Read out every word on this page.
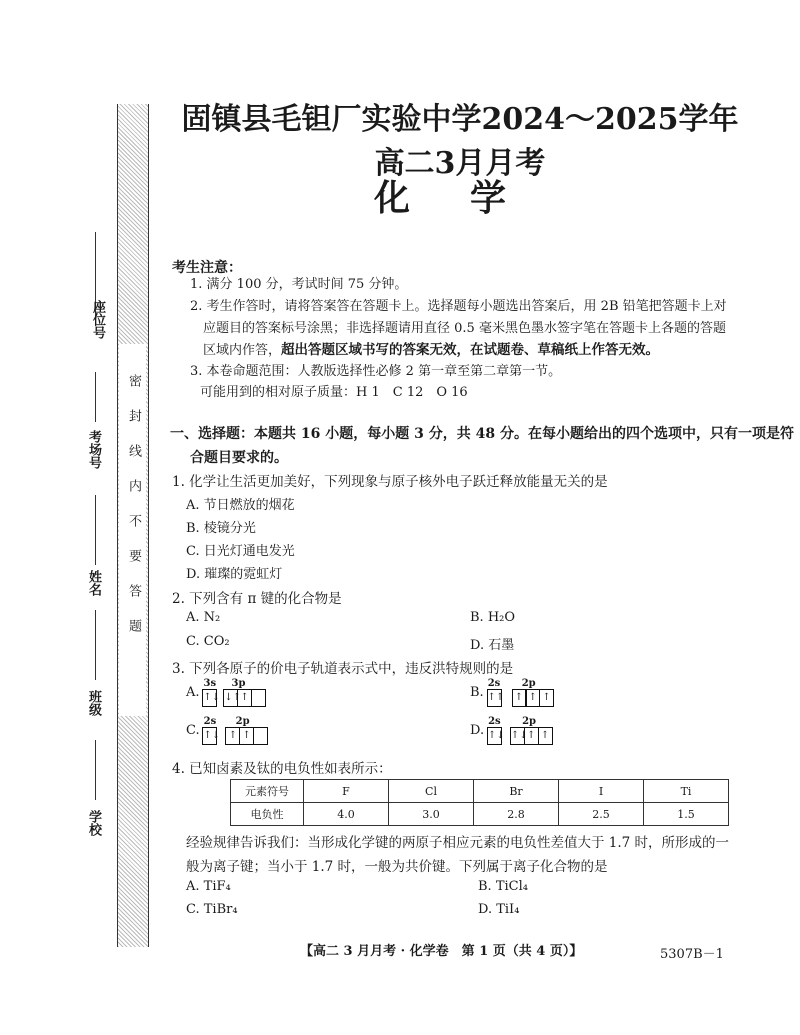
密封线内不要答题
座位号
考场号
姓名
班级
学校
固镇县毛钽厂实验中学2024～2025学年高二3月月考
化学
考生注意：
1. 满分 100 分，考试时间 75 分钟。
2. 考生作答时，请将答案答在答题卡上。选择题每小题选出答案后，用 2B 铅笔把答题卡上对
应题目的答案标号涂黑；非选择题请用直径 0.5 毫米黑色墨水签字笔在答题卡上各题的答题
区域内作答，超出答题区域书写的答案无效，在试题卷、草稿纸上作答无效。
3. 本卷命题范围：人教版选择性必修 2 第一章至第二章第一节。
可能用到的相对原子质量：H 1　C 12　O 16
一、选择题：本题共 16 小题，每小题 3 分，共 48 分。在每小题给出的四个选项中，只有一项是符
合题目要求的。
1. 化学让生活更加美好，下列现象与原子核外电子跃迁释放能量无关的是
A. 节日燃放的烟花
B. 棱镜分光
C. 日光灯通电发光
D. 璀璨的霓虹灯
2. 下列含有 π 键的化合物是
A. N₂	B. H₂O
C. CO₂	D. 石墨
3. 下列各原子的价电子轨道表示式中，违反洪特规则的是
A.
3s	3p
↑↓ ↓↑ ↑	B.
2s	2p
↑↑	↑ ↑ ↑
C.
2s	2p
↑↓ ↑ ↑	D.
2s	2p
↑↓ ↑↓ ↑ ↑
4. 已知卤素及钛的电负性如表所示：
元素符号	F	Cl	Br	I	Ti
电负性	4.0	3.0	2.8	2.5	1.5
经验规律告诉我们：当形成化学键的两原子相应元素的电负性差值大于 1.7 时，所形成的一
般为离子键；当小于 1.7 时，一般为共价键。下列属于离子化合物的是
A. TiF₄	B. TiCl₄
C. TiBr₄	D. TiI₄
【高二 3 月月考 · 化学卷　第 1 页（共 4 页）】	5307B－1
